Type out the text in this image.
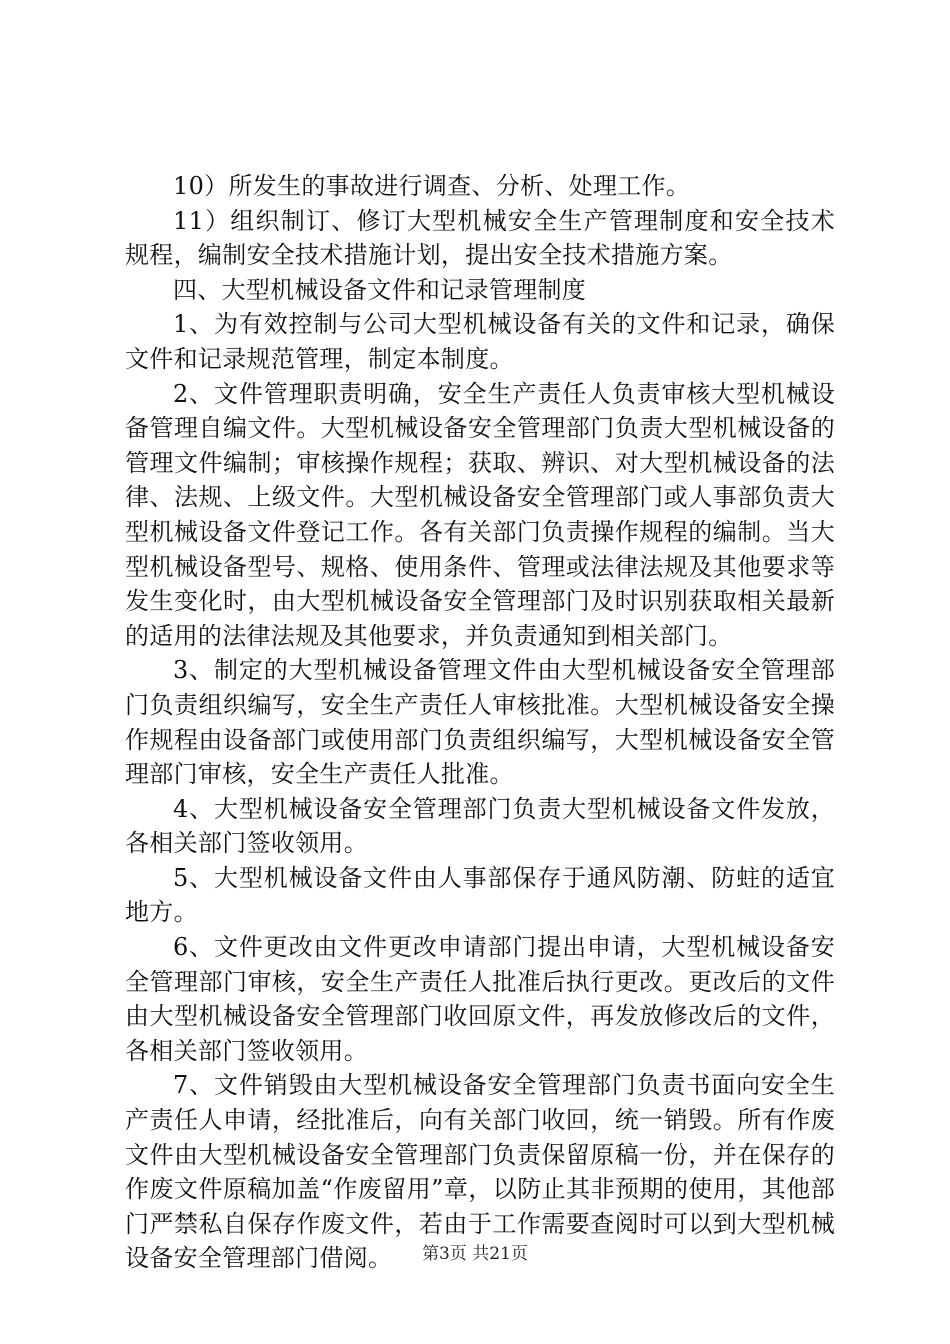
10）所发生的事故进行调查、分析、处理工作。

11）组织制订、修订大型机械安全生产管理制度和安全技术规程，编制安全技术措施计划，提出安全技术措施方案。

四、大型机械设备文件和记录管理制度

1、为有效控制与公司大型机械设备有关的文件和记录，确保文件和记录规范管理，制定本制度。

2、文件管理职责明确，安全生产责任人负责审核大型机械设备管理自编文件。大型机械设备安全管理部门负责大型机械设备的管理文件编制；审核操作规程；获取、辨识、对大型机械设备的法律、法规、上级文件。大型机械设备安全管理部门或人事部负责大型机械设备文件登记工作。各有关部门负责操作规程的编制。当大型机械设备型号、规格、使用条件、管理或法律法规及其他要求等发生变化时，由大型机械设备安全管理部门及时识别获取相关最新的适用的法律法规及其他要求，并负责通知到相关部门。

3、制定的大型机械设备管理文件由大型机械设备安全管理部门负责组织编写，安全生产责任人审核批准。大型机械设备安全操作规程由设备部门或使用部门负责组织编写，大型机械设备安全管理部门审核，安全生产责任人批准。

4、大型机械设备安全管理部门负责大型机械设备文件发放，各相关部门签收领用。

5、大型机械设备文件由人事部保存于通风防潮、防蛀的适宜地方。

6、文件更改由文件更改申请部门提出申请，大型机械设备安全管理部门审核，安全生产责任人批准后执行更改。更改后的文件由大型机械设备安全管理部门收回原文件，再发放修改后的文件，各相关部门签收领用。

7、文件销毁由大型机械设备安全管理部门负责书面向安全生产责任人申请，经批准后，向有关部门收回，统一销毁。所有作废文件由大型机械设备安全管理部门负责保留原稿一份，并在保存的作废文件原稿加盖“作废留用”章，以防止其非预期的使用，其他部门严禁私自保存作废文件，若由于工作需要查阅时可以到大型机械设备安全管理部门借阅。	第3页 共21页
